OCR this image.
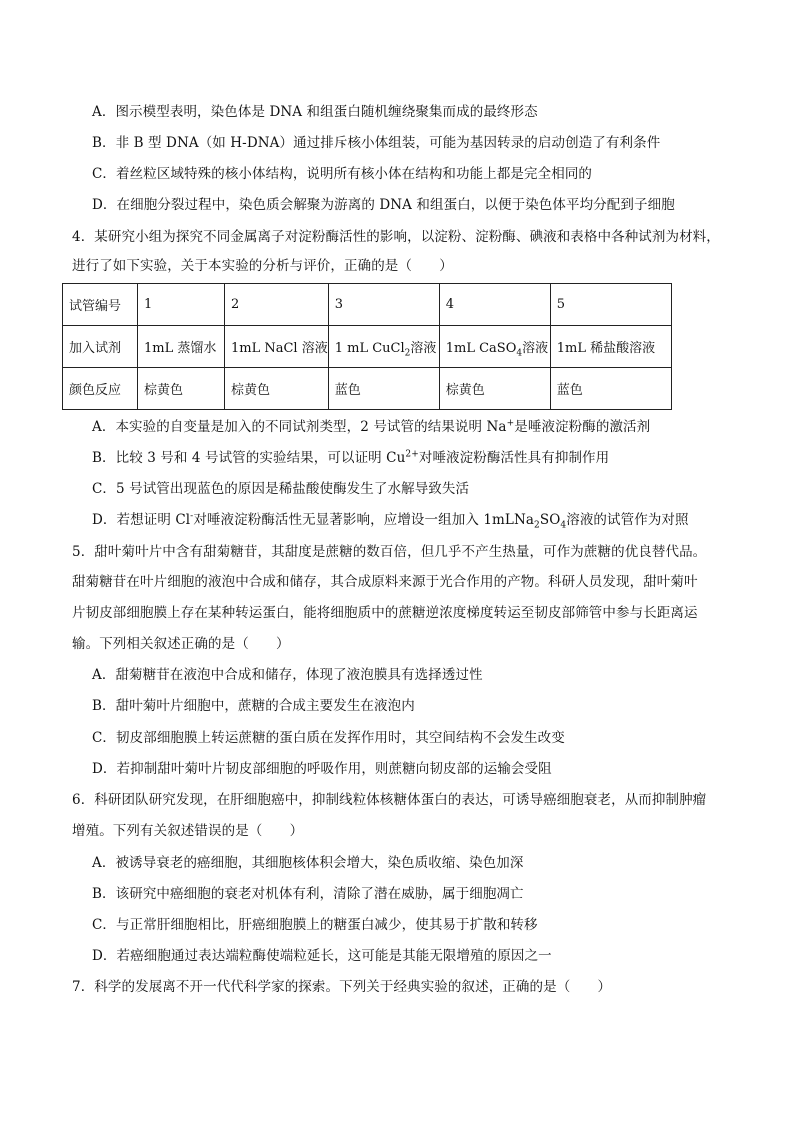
A．图示模型表明，染色体是 DNA 和组蛋白随机缠绕聚集而成的最终形态
B．非 B 型 DNA（如 H-DNA）通过排斥核小体组装，可能为基因转录的启动创造了有利条件
C．着丝粒区域特殊的核小体结构，说明所有核小体在结构和功能上都是完全相同的
D．在细胞分裂过程中，染色质会解聚为游离的 DNA 和组蛋白，以便于染色体平均分配到子细胞
4．某研究小组为探究不同金属离子对淀粉酶活性的影响，以淀粉、淀粉酶、碘液和表格中各种试剂为材料，
进行了如下实验，关于本实验的分析与评价，正确的是（　　）
试管编号	1	2	3	4	5
加入试剂	1mL 蒸馏水	1mL NaCl 溶液	1 mL CuCl$_2$溶液	1mL CaSO$_4$溶液	1mL 稀盐酸溶液
颜色反应	棕黄色	棕黄色	蓝色	棕黄色	蓝色
A．本实验的自变量是加入的不同试剂类型，2 号试管的结果说明 Na+是唾液淀粉酶的激活剂
B．比较 3 号和 4 号试管的实验结果，可以证明 $Cu^{2+}$对唾液淀粉酶活性具有抑制作用
C．5 号试管出现蓝色的原因是稀盐酸使酶发生了水解导致失活
D．若想证明 Cl-对唾液淀粉酶活性无显著影响，应增设一组加入 $1mLNa_2SO_4$溶液的试管作为对照
5．甜叶菊叶片中含有甜菊糖苷，其甜度是蔗糖的数百倍，但几乎不产生热量，可作为蔗糖的优良替代品。
甜菊糖苷在叶片细胞的液泡中合成和储存，其合成原料来源于光合作用的产物。科研人员发现，甜叶菊叶
片韧皮部细胞膜上存在某种转运蛋白，能将细胞质中的蔗糖逆浓度梯度转运至韧皮部筛管中参与长距离运
输。下列相关叙述正确的是（　　）
A．甜菊糖苷在液泡中合成和储存，体现了液泡膜具有选择透过性
B．甜叶菊叶片细胞中，蔗糖的合成主要发生在液泡内
C．韧皮部细胞膜上转运蔗糖的蛋白质在发挥作用时，其空间结构不会发生改变
D．若抑制甜叶菊叶片韧皮部细胞的呼吸作用，则蔗糖向韧皮部的运输会受阻
6．科研团队研究发现，在肝细胞癌中，抑制线粒体核糖体蛋白的表达，可诱导癌细胞衰老，从而抑制肿瘤
增殖。下列有关叙述错误的是（　　）
A．被诱导衰老的癌细胞，其细胞核体积会增大，染色质收缩、染色加深
B．该研究中癌细胞的衰老对机体有利，清除了潜在威胁，属于细胞凋亡
C．与正常肝细胞相比，肝癌细胞膜上的糖蛋白减少，使其易于扩散和转移
D．若癌细胞通过表达端粒酶使端粒延长，这可能是其能无限增殖的原因之一
7．科学的发展离不开一代代科学家的探索。下列关于经典实验的叙述，正确的是（　　）
